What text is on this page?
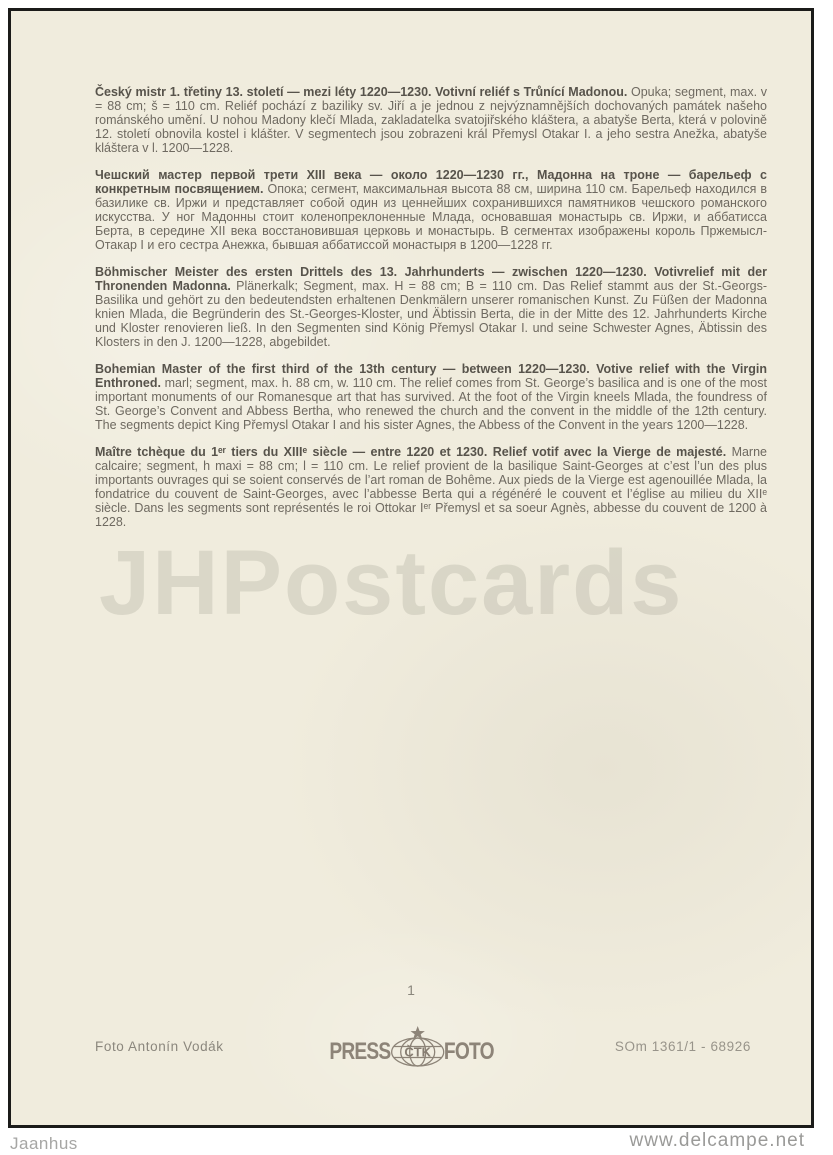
Český mistr 1. třetiny 13. století — mezi léty 1220—1230. Votivní reliéf s Trůnící Madonou. Opuka; segment, max. v = 88 cm; š = 110 cm. Reliéf pochází z baziliky sv. Jiří a je jednou z nejvýznamnějších dochovaných památek našeho románského umění. U nohou Madony klečí Mlada, zakladatelka svatojiřského kláštera, a abatyše Berta, která v polovině 12. století obnovila kostel i klášter. V segmentech jsou zobrazeni král Přemysl Otakar I. a jeho sestra Anežka, abatyše kláštera v l. 1200—1228.

Чешский мастер первой трети XIII века — около 1220—1230 гг., Мадонна на троне — барельеф с конкретным посвящением. Опока; сегмент, максимальная высота 88 см, ширина 110 см. Барельеф находился в базилике св. Иржи и представляет собой один из ценнейших сохранившихся памятников чешского романского искусства. У ног Мадонны стоит коленопреклоненные Млада, основавшая монастырь св. Иржи, и аббатисса Берта, в середине XII века восстановившая церковь и монастырь. В сегментах изображены король Пржемысл-Отакар I и его сестра Анежка, бывшая аббатиссой монастыря в 1200—1228 гг.

Böhmischer Meister des ersten Drittels des 13. Jahrhunderts — zwischen 1220—1230. Votivrelief mit der Thronenden Madonna. Plänerkalk; Segment, max. H = 88 cm; B = 110 cm. Das Relief stammt aus der St.-Georgs-Basilika und gehört zu den bedeutendsten erhaltenen Denkmälern unserer romanischen Kunst. Zu Füßen der Madonna knien Mlada, die Begründerin des St.-Georges-Kloster, und Äbtissin Berta, die in der Mitte des 12. Jahrhunderts Kirche und Kloster renovieren ließ. In den Segmenten sind König Přemysl Otakar I. und seine Schwester Agnes, Äbtissin des Klosters in den J. 1200—1228, abgebildet.

Bohemian Master of the first third of the 13th century — between 1220—1230. Votive relief with the Virgin Enthroned. marl; segment, max. h. 88 cm, w. 110 cm. The relief comes from St. George’s basilica and is one of the most important monuments of our Romanesque art that has survived. At the foot of the Virgin kneels Mlada, the foundress of St. George’s Convent and Abbess Bertha, who renewed the church and the convent in the middle of the 12th century. The segments depict King Přemysl Otakar I and his sister Agnes, the Abbess of the Convent in the years 1200—1228.

Maître tchèque du 1ᵉʳ tiers du XIIIᵉ siècle — entre 1220 et 1230. Relief votif avec la Vierge de majesté. Marne calcaire; segment, h maxi = 88 cm; l = 110 cm. Le relief provient de la basilique Saint-Georges at c’est l’un des plus importants ouvrages qui se soient conservés de l’art roman de Bohême. Aux pieds de la Vierge est agenouillée Mlada, la fondatrice du couvent de Saint-Georges, avec l’abbesse Berta qui a régénéré le couvent et l’église au milieu du XIIᵉ siècle. Dans les segments sont représentés le roi Ottokar Iᵉʳ Přemysl et sa soeur Agnès, abbesse du couvent de 1200 à 1228.

JHPostcards
1
Foto Antonín Vodák	PRESS ČTK FOTO	SOm 1361/1 - 68926
Jaanhus	www.delcampe.net
